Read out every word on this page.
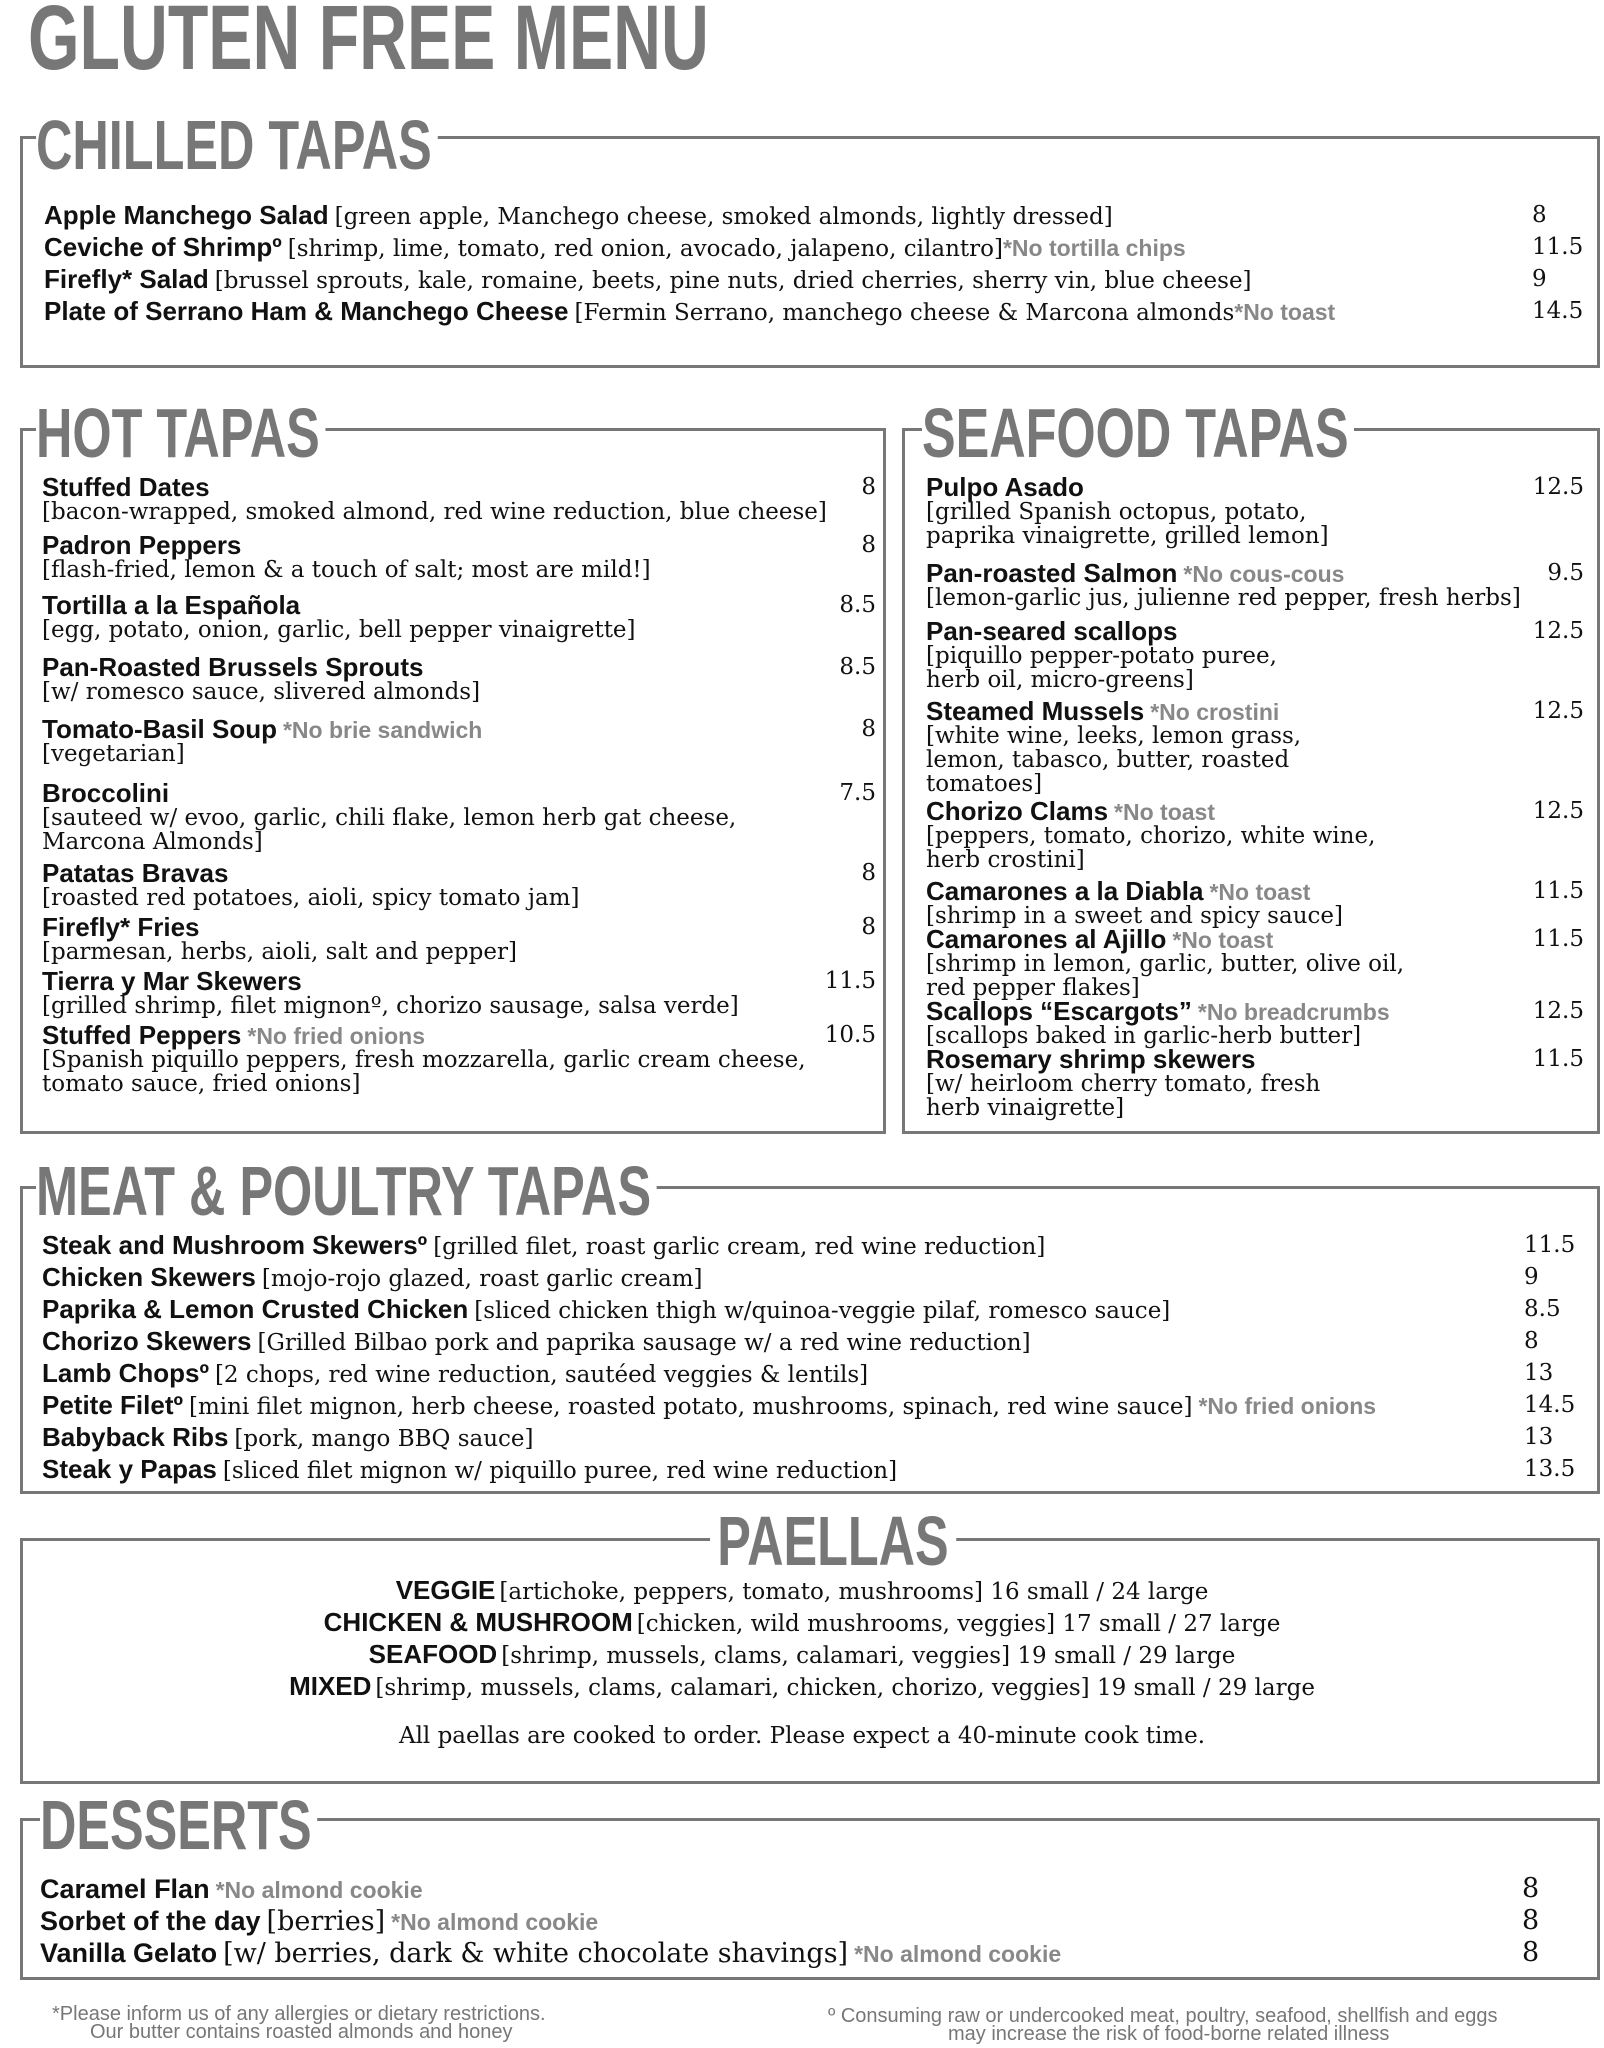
GLUTEN FREE MENU
CHILLED TAPAS
Apple Manchego Salad [green apple, Manchego cheese, smoked almonds, lightly dressed]	8
Ceviche of Shrimpº [shrimp, lime, tomato, red onion, avocado, jalapeno, cilantro]*No tortilla chips	11.5
Firefly* Salad [brussel sprouts, kale, romaine, beets, pine nuts, dried cherries, sherry vin, blue cheese]	9
Plate of Serrano Ham & Manchego Cheese [Fermin Serrano, manchego cheese & Marcona almonds*No toast	14.5
HOT TAPAS
Stuffed Dates	8
[bacon-wrapped, smoked almond, red wine reduction, blue cheese]
Padron Peppers	8
[flash-fried, lemon & a touch of salt; most are mild!]
Tortilla a la Española	8.5
[egg, potato, onion, garlic, bell pepper vinaigrette]
Pan-Roasted Brussels Sprouts	8.5
[w/ romesco sauce, slivered almonds]
Tomato-Basil Soup *No brie sandwich	8
[vegetarian]
Broccolini	7.5
[sauteed w/ evoo, garlic, chili flake, lemon herb gat cheese,
Marcona Almonds]
Patatas Bravas	8
[roasted red potatoes, aioli, spicy tomato jam]
Firefly* Fries	8
[parmesan, herbs, aioli, salt and pepper]
Tierra y Mar Skewers	11.5
[grilled shrimp, filet mignonº, chorizo sausage, salsa verde]
Stuffed Peppers *No fried onions	10.5
[Spanish piquillo peppers, fresh mozzarella, garlic cream cheese,
tomato sauce, fried onions]
SEAFOOD TAPAS
Pulpo Asado	12.5
[grilled Spanish octopus, potato,
paprika vinaigrette, grilled lemon]
Pan-roasted Salmon *No cous-cous	9.5
[lemon-garlic jus, julienne red pepper, fresh herbs]
Pan-seared scallops	12.5
[piquillo pepper-potato puree,
herb oil, micro-greens]
Steamed Mussels *No crostini	12.5
[white wine, leeks, lemon grass,
lemon, tabasco, butter, roasted
tomatoes]
Chorizo Clams *No toast	12.5
[peppers, tomato, chorizo, white wine,
herb crostini]
Camarones a la Diabla *No toast	11.5
[shrimp in a sweet and spicy sauce]
Camarones al Ajillo *No toast	11.5
[shrimp in lemon, garlic, butter, olive oil,
red pepper flakes]
Scallops “Escargots” *No breadcrumbs	12.5
[scallops baked in garlic-herb butter]
Rosemary shrimp skewers	11.5
[w/ heirloom cherry tomato, fresh
herb vinaigrette]
MEAT & POULTRY TAPAS
Steak and Mushroom Skewersº [grilled filet, roast garlic cream, red wine reduction]	11.5
Chicken Skewers [mojo-rojo glazed, roast garlic cream]	9
Paprika & Lemon Crusted Chicken [sliced chicken thigh w/quinoa-veggie pilaf, romesco sauce]	8.5
Chorizo Skewers [Grilled Bilbao pork and paprika sausage w/ a red wine reduction]	8
Lamb Chopsº [2 chops, red wine reduction, sautéed veggies & lentils]	13
Petite Filetº [mini filet mignon, herb cheese, roasted potato, mushrooms, spinach, red wine sauce] *No fried onions	14.5
Babyback Ribs [pork, mango BBQ sauce]	13
Steak y Papas [sliced filet mignon w/ piquillo puree, red wine reduction]	13.5
PAELLAS
VEGGIE [artichoke, peppers, tomato, mushrooms] 16 small / 24 large
CHICKEN & MUSHROOM [chicken, wild mushrooms, veggies] 17 small / 27 large
SEAFOOD [shrimp, mussels, clams, calamari, veggies] 19 small / 29 large
MIXED [shrimp, mussels, clams, calamari, chicken, chorizo, veggies] 19 small / 29 large
All paellas are cooked to order. Please expect a 40-minute cook time.
DESSERTS
Caramel Flan *No almond cookie	8
Sorbet of the day [berries] *No almond cookie	8
Vanilla Gelato [w/ berries, dark & white chocolate shavings] *No almond cookie	8
*Please inform us of any allergies or dietary restrictions.
Our butter contains roasted almonds and honey
º Consuming raw or undercooked meat, poultry, seafood, shellfish and eggs
may increase the risk of food-borne related illness
